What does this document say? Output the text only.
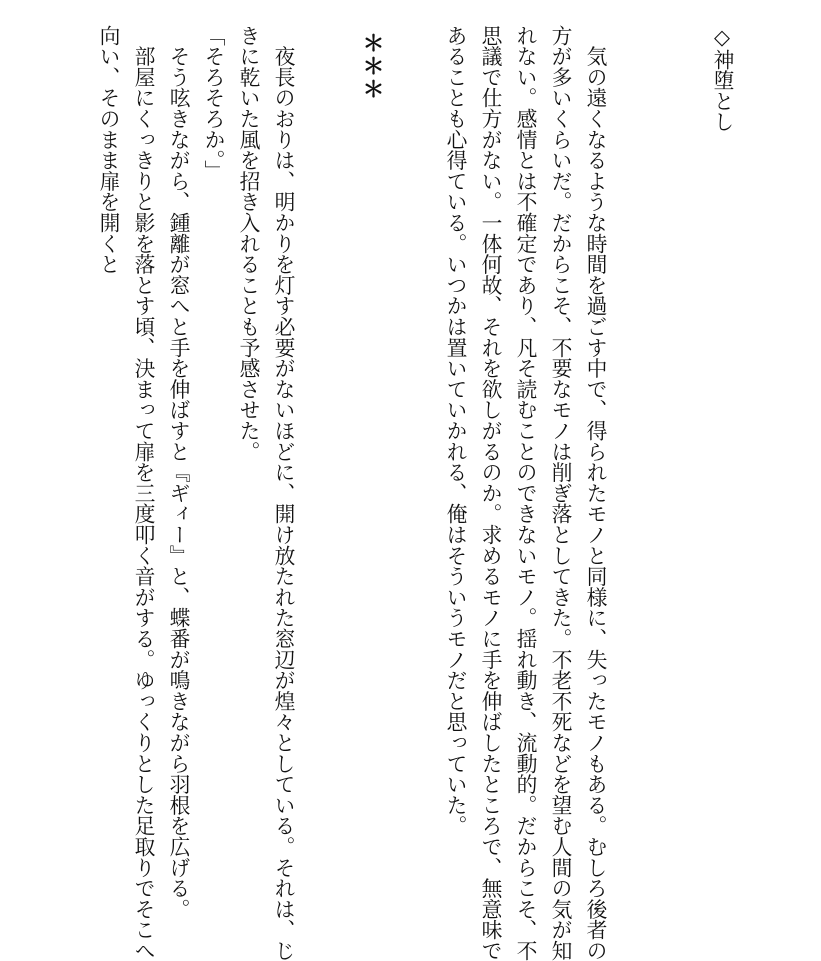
◇神堕とし
　気の遠くなるような時間を過ごす中で、得られたモノと同様に、失ったモノもある。むしろ後者の
方が多いくらいだ。だからこそ、不要なモノは削ぎ落としてきた。不老不死などを望む人間の気が知
れない。感情とは不確定であり、凡そ読むことのできないモノ。揺れ動き、流動的。だからこそ、不
思議で仕方がない。一体何故、それを欲しがるのか。求めるモノに手を伸ばしたところで、無意味で
あることも心得ている。いつかは置いていかれる、俺はそういうモノだと思っていた。
＊＊＊
　夜長のおりは、明かりを灯す必要がないほどに、開け放たれた窓辺が煌々としている。それは、じ
きに乾いた風を招き入れることも予感させた。
「そろそろか。」
　そう呟きながら、鍾離が窓へと手を伸ばすと『ギィー』と、蝶番が鳴きながら羽根を広げる。
　部屋にくっきりと影を落とす頃、決まって扉を三度叩く音がする。ゆっくりとした足取りでそこへ
向い、そのまま扉を開くと
